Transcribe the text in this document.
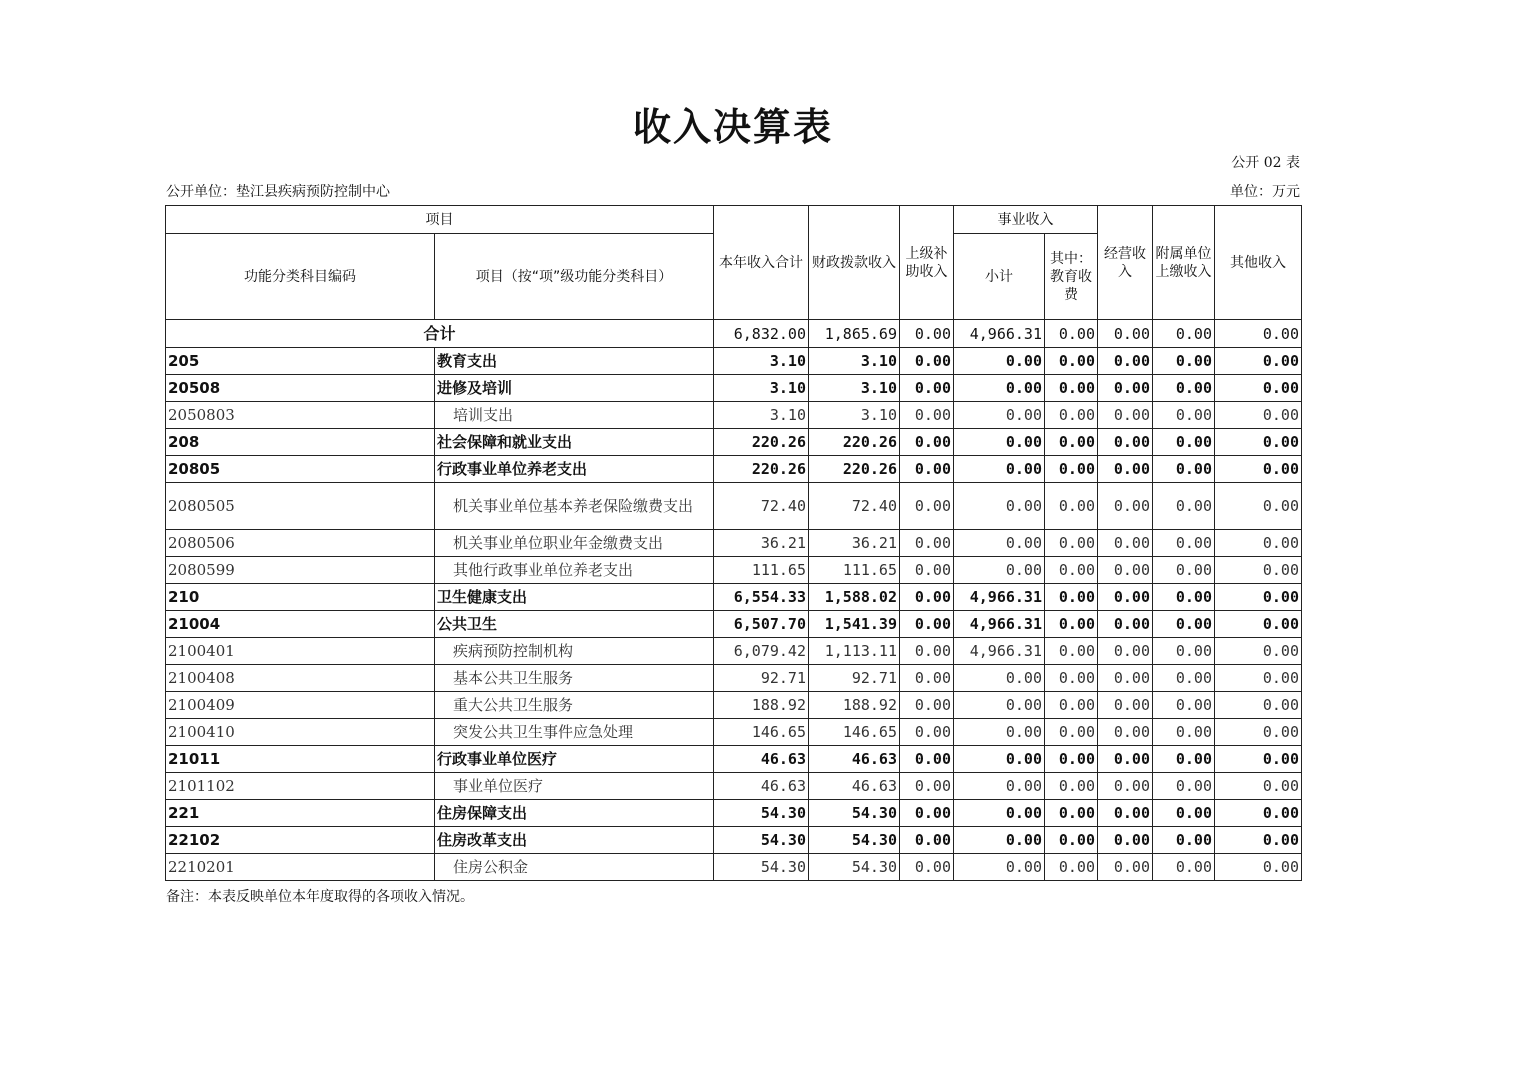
收入决算表
公开 02 表
公开单位：垫江县疾病预防控制中心	单位：万元
项目		本年收入合计	财政拨款收入	上级补助收入	事业收入		经营收入	附属单位上缴收入	其他收入
功能分类科目编码	项目（按“项”级功能分类科目）				小计	其中：教育收费			
合计		6,832.00	1,865.69	0.00	4,966.31	0.00	0.00	0.00	0.00
205	教育支出	3.10	3.10	0.00	0.00	0.00	0.00	0.00	0.00
20508	进修及培训	3.10	3.10	0.00	0.00	0.00	0.00	0.00	0.00
2050803	培训支出	3.10	3.10	0.00	0.00	0.00	0.00	0.00	0.00
208	社会保障和就业支出	220.26	220.26	0.00	0.00	0.00	0.00	0.00	0.00
20805	行政事业单位养老支出	220.26	220.26	0.00	0.00	0.00	0.00	0.00	0.00
2080505	机关事业单位基本养老保险缴费支出	72.40	72.40	0.00	0.00	0.00	0.00	0.00	0.00
2080506	机关事业单位职业年金缴费支出	36.21	36.21	0.00	0.00	0.00	0.00	0.00	0.00
2080599	其他行政事业单位养老支出	111.65	111.65	0.00	0.00	0.00	0.00	0.00	0.00
210	卫生健康支出	6,554.33	1,588.02	0.00	4,966.31	0.00	0.00	0.00	0.00
21004	公共卫生	6,507.70	1,541.39	0.00	4,966.31	0.00	0.00	0.00	0.00
2100401	疾病预防控制机构	6,079.42	1,113.11	0.00	4,966.31	0.00	0.00	0.00	0.00
2100408	基本公共卫生服务	92.71	92.71	0.00	0.00	0.00	0.00	0.00	0.00
2100409	重大公共卫生服务	188.92	188.92	0.00	0.00	0.00	0.00	0.00	0.00
2100410	突发公共卫生事件应急处理	146.65	146.65	0.00	0.00	0.00	0.00	0.00	0.00
21011	行政事业单位医疗	46.63	46.63	0.00	0.00	0.00	0.00	0.00	0.00
2101102	事业单位医疗	46.63	46.63	0.00	0.00	0.00	0.00	0.00	0.00
221	住房保障支出	54.30	54.30	0.00	0.00	0.00	0.00	0.00	0.00
22102	住房改革支出	54.30	54.30	0.00	0.00	0.00	0.00	0.00	0.00
2210201	住房公积金	54.30	54.30	0.00	0.00	0.00	0.00	0.00	0.00
备注：本表反映单位本年度取得的各项收入情况。
